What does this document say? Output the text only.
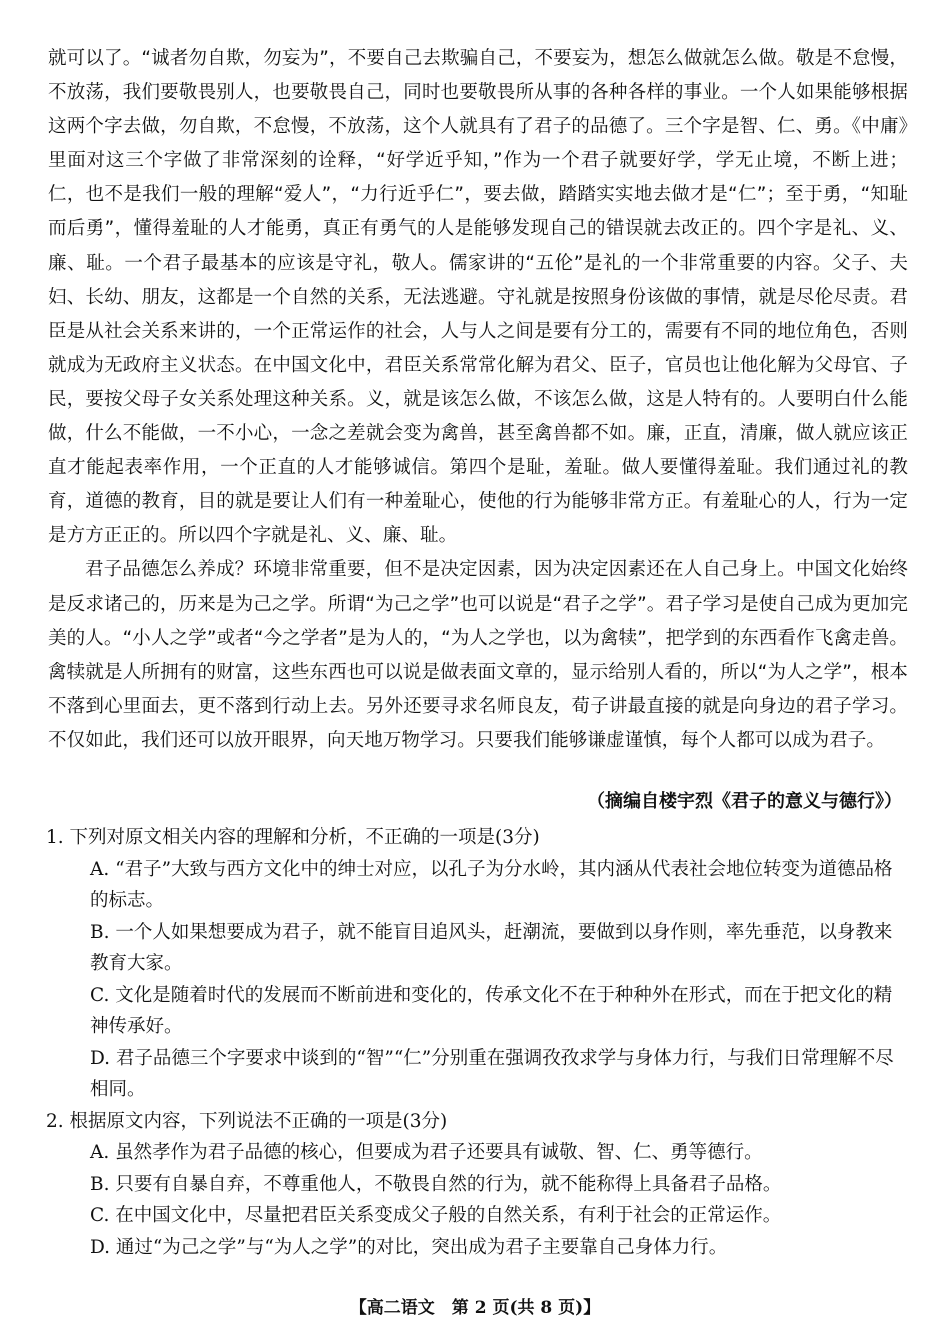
就可以了。“诚者勿自欺，勿妄为”，不要自己去欺骗自己，不要妄为，想怎么做就怎么做。敬是不怠慢，不放荡，我们要敬畏别人，也要敬畏自己，同时也要敬畏所从事的各种各样的事业。一个人如果能够根据这两个字去做，勿自欺，不怠慢，不放荡，这个人就具有了君子的品德了。三个字是智、仁、勇。《中庸》里面对这三个字做了非常深刻的诠释，“好学近乎知，”作为一个君子就要好学，学无止境，不断上进；仁，也不是我们一般的理解“爱人”，“力行近乎仁”，要去做，踏踏实实地去做才是“仁”；至于勇，“知耻而后勇”，懂得羞耻的人才能勇，真正有勇气的人是能够发现自己的错误就去改正的。四个字是礼、义、廉、耻。一个君子最基本的应该是守礼，敬人。儒家讲的“五伦”是礼的一个非常重要的内容。父子、夫妇、长幼、朋友，这都是一个自然的关系，无法逃避。守礼就是按照身份该做的事情，就是尽伦尽责。君臣是从社会关系来讲的，一个正常运作的社会，人与人之间是要有分工的，需要有不同的地位角色，否则就成为无政府主义状态。在中国文化中，君臣关系常常化解为君父、臣子，官员也让他化解为父母官、子民，要按父母子女关系处理这种关系。义，就是该怎么做，不该怎么做，这是人特有的。人要明白什么能做，什么不能做，一不小心，一念之差就会变为禽兽，甚至禽兽都不如。廉，正直，清廉，做人就应该正直才能起表率作用，一个正直的人才能够诚信。第四个是耻，羞耻。做人要懂得羞耻。我们通过礼的教育，道德的教育，目的就是要让人们有一种羞耻心，使他的行为能够非常方正。有羞耻心的人，行为一定是方方正正的。所以四个字就是礼、义、廉、耻。

君子品德怎么养成？环境非常重要，但不是决定因素，因为决定因素还在人自己身上。中国文化始终是反求诸己的，历来是为己之学。所谓“为己之学”也可以说是“君子之学”。君子学习是使自己成为更加完美的人。“小人之学”或者“今之学者”是为人的，“为人之学也，以为禽犊”，把学到的东西看作飞禽走兽。禽犊就是人所拥有的财富，这些东西也可以说是做表面文章的，显示给别人看的，所以“为人之学”，根本不落到心里面去，更不落到行动上去。另外还要寻求名师良友，荀子讲最直接的就是向身边的君子学习。不仅如此，我们还可以放开眼界，向天地万物学习。只要我们能够谦虚谨慎，每个人都可以成为君子。

（摘编自楼宇烈《君子的意义与德行》）

1. 下列对原文相关内容的理解和分析，不正确的一项是(3分)

A. “君子”大致与西方文化中的绅士对应，以孔子为分水岭，其内涵从代表社会地位转变为道德品格的标志。

B. 一个人如果想要成为君子，就不能盲目追风头，赶潮流，要做到以身作则，率先垂范，以身教来教育大家。

C. 文化是随着时代的发展而不断前进和变化的，传承文化不在于种种外在形式，而在于把文化的精神传承好。

D. 君子品德三个字要求中谈到的“智”“仁”分别重在强调孜孜求学与身体力行，与我们日常理解不尽相同。

2. 根据原文内容，下列说法不正确的一项是(3分)

A. 虽然孝作为君子品德的核心，但要成为君子还要具有诚敬、智、仁、勇等德行。

B. 只要有自暴自弃，不尊重他人，不敬畏自然的行为，就不能称得上具备君子品格。

C. 在中国文化中，尽量把君臣关系变成父子般的自然关系，有利于社会的正常运作。

D. 通过“为己之学”与“为人之学”的对比，突出成为君子主要靠自己身体力行。

【高二语文　第 2 页(共 8 页)】
